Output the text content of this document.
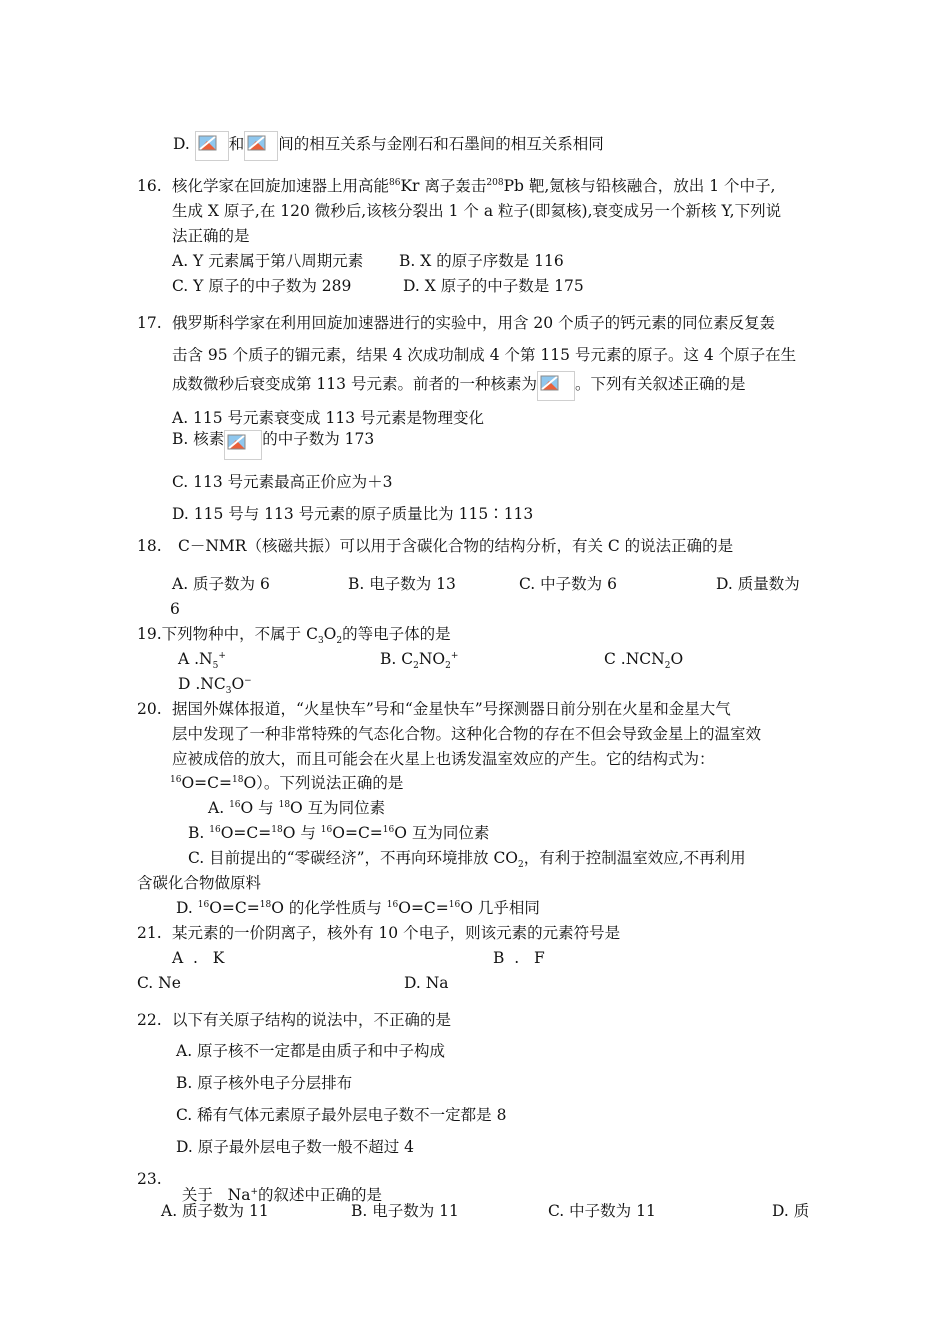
D.	和 间的相互关系与金刚石和石墨间的相互关系相同
16. 核化学家在回旋加速器上用高能$^{86}$Kr 离子轰击$^{208}$Pb 靶,氪核与铅核融合，放出 1 个中子,
生成 X 原子,在 120 微秒后,该核分裂出 1 个 a 粒子(即氦核),衰变成另一个新核 Y,下列说
法正确的是
A. Y 元素属于第八周期元素 B. X 的原子序数是 116
C. Y 原子的中子数为 289	D. X 原子的中子数是 175
17. 俄罗斯科学家在利用回旋加速器进行的实验中，用含 20 个质子的钙元素的同位素反复轰
击含 95 个质子的镅元素，结果 4 次成功制成 4 个第 115 号元素的原子。这 4 个原子在生
成数微秒后衰变成第 113 号元素。前者的一种核素为 。下列有关叙述正确的是
A. 115 号元素衰变成 113 号元素是物理变化
B. 核素 的中子数为 173
C. 113 号元素最高正价应为＋3
D. 115 号与 113 号元素的原子质量比为 115∶113
18. C－NMR（核磁共振）可以用于含碳化合物的结构分析，有关 C 的说法正确的是
A. 质子数为 6	B. 电子数为 13	C. 中子数为 6	D. 质量数为
6
19.下列物种中，不属于 $C_3O_2$的等电子体的是
A $.N_5^+$	B. $C_2NO_2^+$	C $.NCN_2O$
D $.NC_3O^-$
20. 据国外媒体报道，“火星快车”号和“金星快车”号探测器日前分别在火星和金星大气
层中发现了一种非常特殊的气态化合物。这种化合物的存在不但会导致金星上的温室效
应被成倍的放大，而且可能会在火星上也诱发温室效应的产生。它的结构式为：
$^{16}$O=C=$^{18}$O）。下列说法正确的是
A. $^{16}$O 与 $^{18}$O 互为同位素
B. $^{16}$O=C=$^{18}$O 与 $^{16}$O=C=$^{16}$O 互为同位素
C. 目前提出的“零碳经济”，不再向环境排放 $CO_2$，有利于控制温室效应,不再利用
含碳化合物做原料
D. $^{16}$O=C=$^{18}$O 的化学性质与 $^{16}$O=C=$^{16}$O 几乎相同
21. 某元素的一价阴离子，核外有 10 个电子，则该元素的元素符号是
A  .   K	B  .   F
C. Ne	D. Na
22. 以下有关原子结构的说法中，不正确的是
A. 原子核不一定都是由质子和中子构成
B. 原子核外电子分层排布
C. 稀有气体元素原子最外层电子数不一定都是 8
D. 原子最外层电子数一般不超过 4
23.

关于   Na+的叙述中正确的是

A. 质子数为 11	B. 电子数为 11	C. 中子数为 11	D. 质
